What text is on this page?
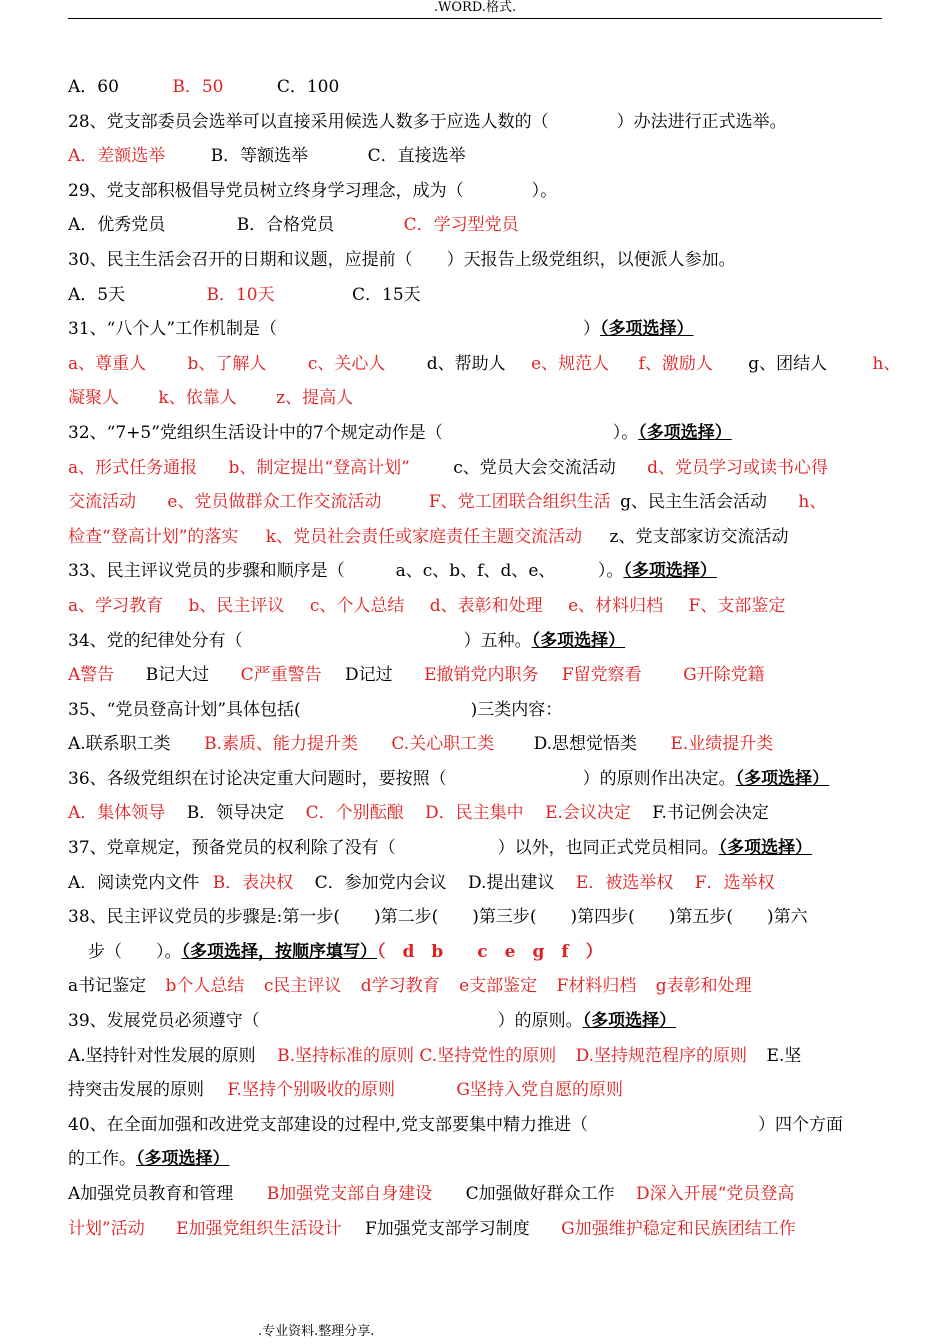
.WORD.格式.
A．60	B．50	C．100
28、党支部委员会选举可以直接采用候选人数多于应选人数的（　　　　）办法进行正式选举。
A．差额选举	B．等额选举	C．直接选举
29、党支部积极倡导党员树立终身学习理念，成为（　　　　）。
A．优秀党员	B．合格党员	C．学习型党员
30、民主生活会召开的日期和议题，应提前（　　）天报告上级党组织，以便派人参加。
A．5天	B．10天	C．15天
31、“八个人”工作机制是（　　　　　　　　　　　　　　　　　　）（多项选择）
a、尊重人 b、了解人 c、关心人 d、帮助人 e、规范人 f、激励人 g、团结人	h、
凝聚人 k、依靠人 z、提高人
32、“7+5”党组织生活设计中的7个规定动作是（　　　　　　　　　　）。（多项选择）
a、形式任务通报 b、制定提出“登高计划”	c、党员大会交流活动 d、党员学习或读书心得
交流活动 e、党员做群众工作交流活动	F、党工团联合组织生活 g、民主生活会活动 h、
检查“登高计划”的落实 k、党员社会责任或家庭责任主题交流活动 z、党支部家访交流活动
33、民主评议党员的步骤和顺序是（　　　a、c、b、f、d、e、　　　）。（多项选择）
a、学习教育 b、民主评议 c、个人总结 d、表彰和处理 e、材料归档 F、支部鉴定
34、党的纪律处分有（　　　　　　　　　　　　　）五种。（多项选择）
A警告 B记大过 C严重警告 D记过 E撤销党内职务 F留党察看 G开除党籍
35、“党员登高计划”具体包括(　　　　　　　　　　)三类内容：
A.联系职工类 B.素质、能力提升类 C.关心职工类 D.思想觉悟类 E.业绩提升类
36、各级党组织在讨论决定重大问题时，要按照（　　　　　　　　）的原则作出决定。（多项选择）
A．集体领导 B．领导决定 C．个别酝酿 D．民主集中 E.会议决定 F.书记例会决定
37、党章规定，预备党员的权利除了没有（　　　　　　）以外，也同正式党员相同。（多项选择）
A．阅读党内文件 B．表决权 C．参加党内会议 D.提出建议 E．被选举权 F．选举权
38、民主评议党员的步骤是:第一步(　　)第二步(　　)第三步(　　)第四步(　　)第五步(　　)第六
步（　　）。（多项选择，按顺序填写）（　d　b　　c　e　g　f　）
a书记鉴定 b个人总结 c民主评议 d学习教育 e支部鉴定 F材料归档 g表彰和处理
39、发展党员必须遵守（　　　　　　　　　　　　　　）的原则。（多项选择）
A.坚持针对性发展的原则 B.坚持标准的原则 C.坚持党性的原则 D.坚持规范程序的原则 E.坚
持突击发展的原则 F.坚持个别吸收的原则	G坚持入党自愿的原则
40、在全面加强和改进党支部建设的过程中,党支部要集中精力推进（　　　　　　　　　　）四个方面
的工作。（多项选择）
A加强党员教育和管理 B加强党支部自身建设 C加强做好群众工作 D深入开展“党员登高
计划”活动 E加强党组织生活设计 F加强党支部学习制度 G加强维护稳定和民族团结工作
.专业资料.整理分享.
